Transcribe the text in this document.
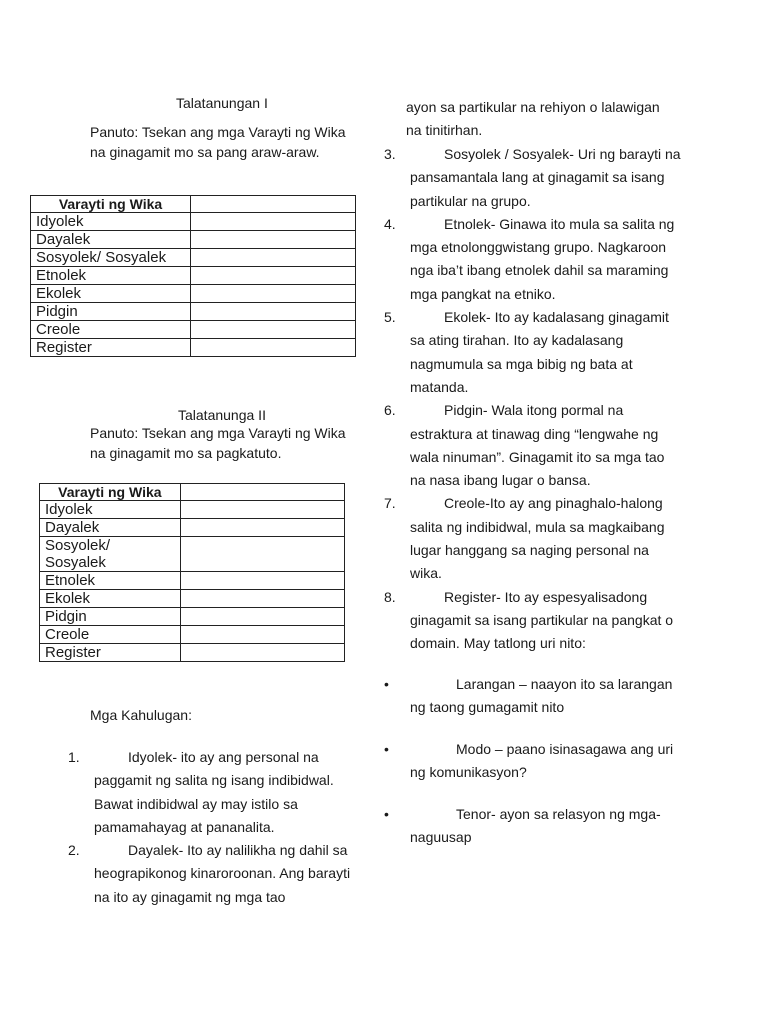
Talatanungan I
Panuto: Tsekan ang mga Varayti ng Wika na ginagamit mo sa pang araw-araw.
Varayti ng Wika	
Idyolek	
Dayalek	
Sosyolek/ Sosyalek	
Etnolek	
Ekolek	
Pidgin	
Creole	
Register	
Talatanunga II
Panuto: Tsekan ang mga Varayti ng Wika na ginagamit mo sa pagkatuto.
Varayti ng Wika	
Idyolek	
Dayalek	
Sosyolek/ Sosyalek	
Etnolek	
Ekolek	
Pidgin	
Creole	
Register	
Mga Kahulugan:
1.	Idyolek- ito ay ang personal na paggamit ng salita ng isang indibidwal. Bawat indibidwal ay may istilo sa pamamahayag at pananalita.
2.	Dayalek- Ito ay nalilikha ng dahil sa heograpikonog kinaroroonan. Ang barayti na ito ay ginagamit ng mga tao
ayon sa partikular na rehiyon o lalawigan na tinitirhan.
3.	Sosyolek / Sosyalek- Uri ng barayti na pansamantala lang at ginagamit sa isang partikular na grupo.
4.	Etnolek- Ginawa ito mula sa salita ng mga etnolonggwistang grupo. Nagkaroon nga iba’t ibang etnolek dahil sa maraming mga pangkat na etniko.
5.	Ekolek- Ito ay kadalasang ginagamit sa ating tirahan. Ito ay kadalasang nagmumula sa mga bibig ng bata at matanda.
6.	Pidgin- Wala itong pormal na estraktura at tinawag ding “lengwahe ng wala ninuman”. Ginagamit ito sa mga tao na nasa ibang lugar o bansa.
7.	Creole-Ito ay ang pinaghalo-halong salita ng indibidwal, mula sa magkaibang lugar hanggang sa naging personal na wika.
8.	Register- Ito ay espesyalisadong ginagamit sa isang partikular na pangkat o domain. May tatlong uri nito:
•	Larangan – naayon ito sa larangan ng taong gumagamit nito
•	Modo – paano isinasagawa ang uri ng komunikasyon?
•	Tenor- ayon sa relasyon ng mga-naguusap
